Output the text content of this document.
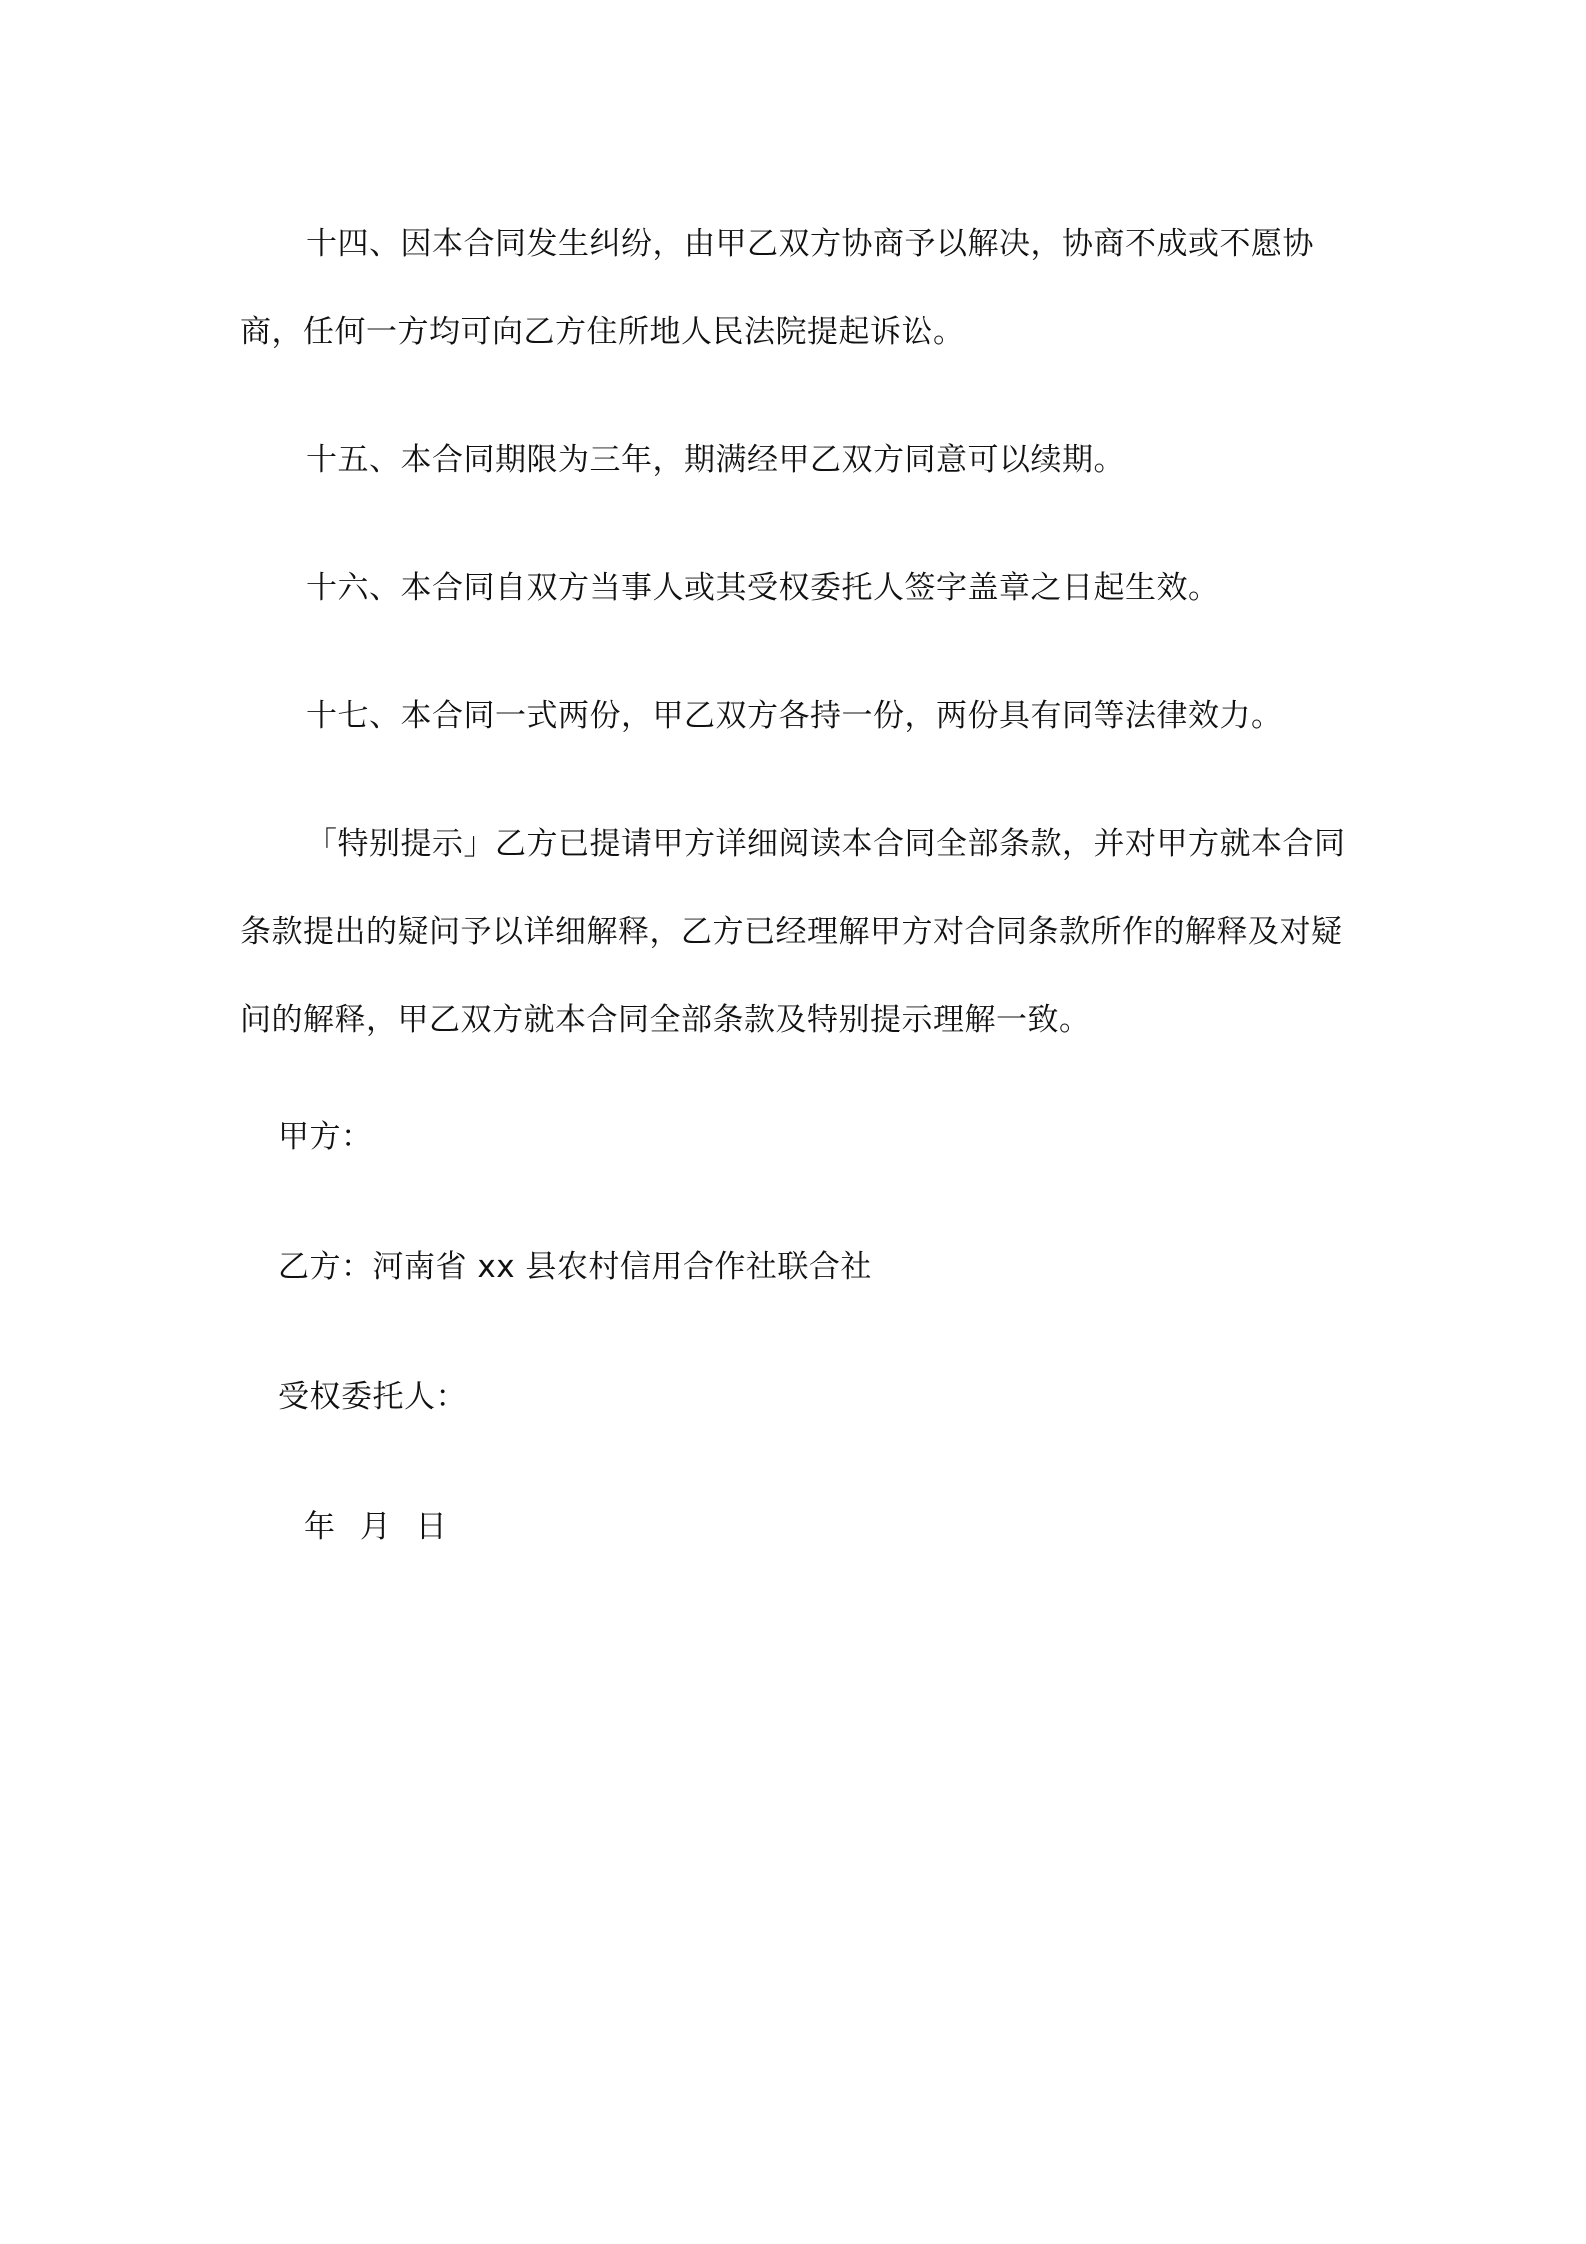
十四、因本合同发生纠纷，由甲乙双方协商予以解决，协商不成或不愿协商，任何一方均可向乙方住所地人民法院提起诉讼。

十五、本合同期限为三年，期满经甲乙双方同意可以续期。

十六、本合同自双方当事人或其受权委托人签字盖章之日起生效。

十七、本合同一式两份，甲乙双方各持一份，两份具有同等法律效力。

「特别提示」乙方已提请甲方详细阅读本合同全部条款，并对甲方就本合同条款提出的疑问予以详细解释，乙方已经理解甲方对合同条款所作的解释及对疑问的解释，甲乙双方就本合同全部条款及特别提示理解一致。

甲方：

乙方：河南省 xx 县农村信用合作社联合社

受权委托人：

年 月 日
